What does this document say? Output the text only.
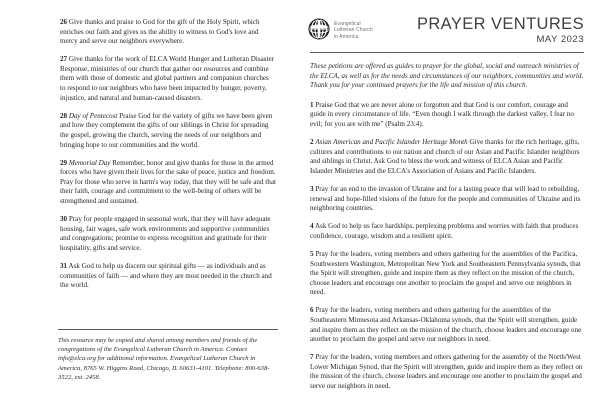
26 Give thanks and praise to God for the gift of the Holy Spirit, which enriches our faith and gives us the ability to witness to God's love and mercy and serve our neighbors everywhere.

27 Give thanks for the work of ELCA World Hunger and Lutheran Disaster Response, ministries of our church that gather our resources and combine them with those of domestic and global partners and companion churches to respond to our neighbors who have been impacted by hunger, poverty, injustice, and natural and human-caused disasters.

28 Day of Pentecost Praise God for the variety of gifts we have been given and how they complement the gifts of our siblings in Christ for spreading the gospel, growing the church, serving the needs of our neighbors and bringing hope to our communities and the world.

29 Memorial Day Remember, honor and give thanks for those in the armed forces who have given their lives for the sake of peace, justice and freedom. Pray for those who serve in harm's way today, that they will be safe and that their faith, courage and commitment to the well-being of others will be strengthened and sustained.

30 Pray for people engaged in seasonal work, that they will have adequate housing, fair wages, safe work environments and supportive communities and congregations; promise to express recognition and gratitude for their hospitality, gifts and service.

31 Ask God to help us discern our spiritual gifts — as individuals and as communities of faith — and where they are most needed in the church and the world.

This resource may be copied and shared among members and friends of the congregations of the Evangelical Lutheran Church in America. Contact info@elca.org for additional information. Evangelical Lutheran Church in America, 8765 W. Higgins Road, Chicago, IL 60631-4101. Telephone: 800-638-3522, ext. 2458.
Evangelical
Lutheran Church
in America
PRAYER VENTURES
MAY 2023

These petitions are offered as guides to prayer for the global, social and outreach ministries of the ELCA, as well as for the needs and circumstances of our neighbors, communities and world. Thank you for your continued prayers for the life and mission of this church.

1 Praise God that we are never alone or forgotten and that God is our comfort, courage and guide in every circumstance of life. “Even though I walk through the darkest valley, I fear no evil; for you are with me” (Psalm 23:4).

2 Asian American and Pacific Islander Heritage Month Give thanks for the rich heritage, gifts, cultures and contributions to our nation and church of our Asian and Pacific Islander neighbors and siblings in Christ. Ask God to bless the work and witness of ELCA Asian and Pacific Islander Ministries and the ELCA's Association of Asians and Pacific Islanders.

3 Pray for an end to the invasion of Ukraine and for a lasting peace that will lead to rebuilding, renewal and hope-filled visions of the future for the people and communities of Ukraine and its neighboring countries.

4 Ask God to help us face hardships, perplexing problems and worries with faith that produces confidence, courage, wisdom and a resilient spirit.

5 Pray for the leaders, voting members and others gathering for the assemblies of the Pacifica, Southwestern Washington, Metropolitan New York and Southeastern Pennsylvania synods, that the Spirit will strengthen, guide and inspire them as they reflect on the mission of the church, choose leaders and encourage one another to proclaim the gospel and serve our neighbors in need.

6 Pray for the leaders, voting members and others gathering for the assemblies of the Southeastern Minnesota and Arkansas-Oklahoma synods, that the Spirit will strengthen, guide and inspire them as they reflect on the mission of the church, choose leaders and encourage one another to proclaim the gospel and serve our neighbors in need.

7 Pray for the leaders, voting members and others gathering for the assembly of the North/West Lower Michigan Synod, that the Spirit will strengthen, guide and inspire them as they reflect on the mission of the church, choose leaders and encourage one another to proclaim the gospel and serve our neighbors in need.
